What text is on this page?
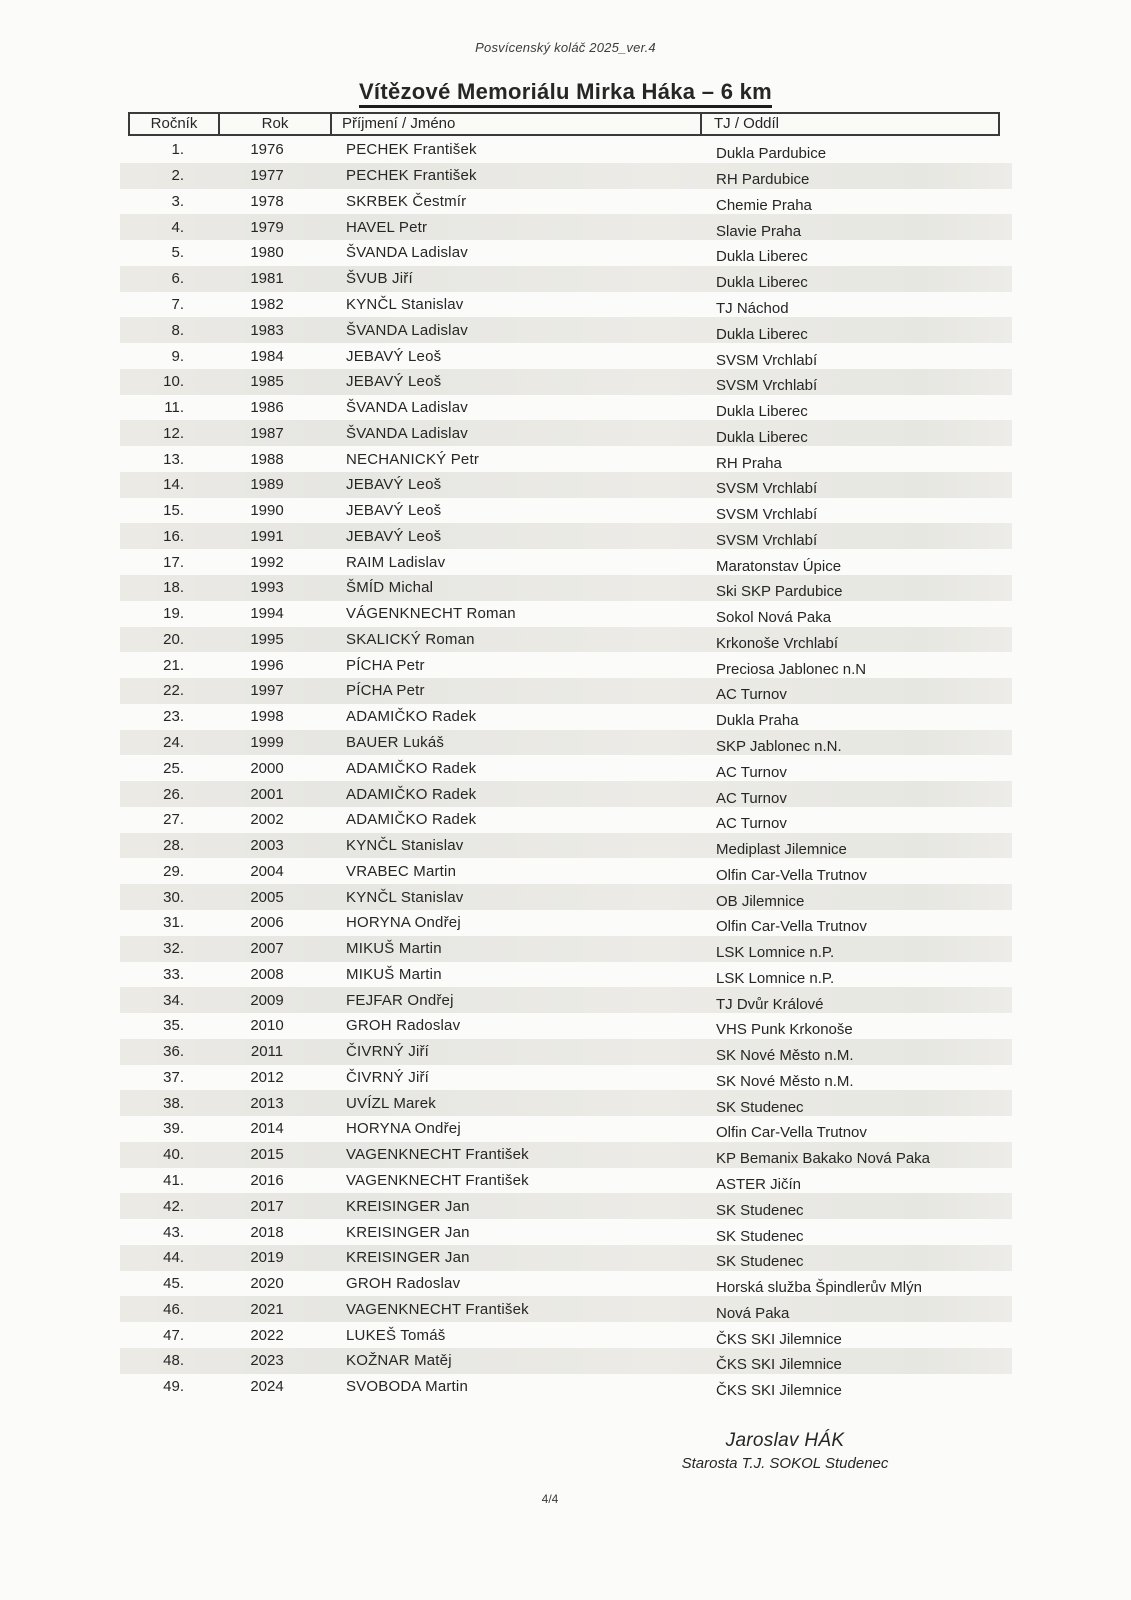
Posvícenský koláč 2025_ver.4
Vítězové Memoriálu Mirka Háka – 6 km
Ročník	Rok	Příjmení / Jméno	TJ / Oddíl
1.	1976	PECHEK František	Dukla Pardubice
2.	1977	PECHEK František	RH Pardubice
3.	1978	SKRBEK Čestmír	Chemie Praha
4.	1979	HAVEL Petr	Slavie Praha
5.	1980	ŠVANDA Ladislav	Dukla Liberec
6.	1981	ŠVUB Jiří	Dukla Liberec
7.	1982	KYNČL Stanislav	TJ Náchod
8.	1983	ŠVANDA Ladislav	Dukla Liberec
9.	1984	JEBAVÝ Leoš	SVSM Vrchlabí
10.	1985	JEBAVÝ Leoš	SVSM Vrchlabí
11.	1986	ŠVANDA Ladislav	Dukla Liberec
12.	1987	ŠVANDA Ladislav	Dukla Liberec
13.	1988	NECHANICKÝ Petr	RH Praha
14.	1989	JEBAVÝ Leoš	SVSM Vrchlabí
15.	1990	JEBAVÝ Leoš	SVSM Vrchlabí
16.	1991	JEBAVÝ Leoš	SVSM Vrchlabí
17.	1992	RAIM Ladislav	Maratonstav Úpice
18.	1993	ŠMÍD Michal	Ski SKP Pardubice
19.	1994	VÁGENKNECHT Roman	Sokol Nová Paka
20.	1995	SKALICKÝ Roman	Krkonoše Vrchlabí
21.	1996	PÍCHA Petr	Preciosa Jablonec n.N
22.	1997	PÍCHA Petr	AC Turnov
23.	1998	ADAMIČKO Radek	Dukla Praha
24.	1999	BAUER Lukáš	SKP Jablonec n.N.
25.	2000	ADAMIČKO Radek	AC Turnov
26.	2001	ADAMIČKO Radek	AC Turnov
27.	2002	ADAMIČKO Radek	AC Turnov
28.	2003	KYNČL Stanislav	Mediplast Jilemnice
29.	2004	VRABEC Martin	Olfin Car-Vella Trutnov
30.	2005	KYNČL Stanislav	OB Jilemnice
31.	2006	HORYNA Ondřej	Olfin Car-Vella Trutnov
32.	2007	MIKUŠ Martin	LSK Lomnice n.P.
33.	2008	MIKUŠ Martin	LSK Lomnice n.P.
34.	2009	FEJFAR Ondřej	TJ Dvůr Králové
35.	2010	GROH Radoslav	VHS Punk Krkonoše
36.	2011	ČIVRNÝ Jiří	SK Nové Město n.M.
37.	2012	ČIVRNÝ Jiří	SK Nové Město n.M.
38.	2013	UVÍZL Marek	SK Studenec
39.	2014	HORYNA Ondřej	Olfin Car-Vella Trutnov
40.	2015	VAGENKNECHT František	KP Bemanix Bakako Nová Paka
41.	2016	VAGENKNECHT František	ASTER Jičín
42.	2017	KREISINGER Jan	SK Studenec
43.	2018	KREISINGER Jan	SK Studenec
44.	2019	KREISINGER Jan	SK Studenec
45.	2020	GROH Radoslav	Horská služba Špindlerův Mlýn
46.	2021	VAGENKNECHT František	Nová Paka
47.	2022	LUKEŠ Tomáš	ČKS SKI Jilemnice
48.	2023	KOŽNAR Matěj	ČKS SKI Jilemnice
49.	2024	SVOBODA Martin	ČKS SKI Jilemnice
Jaroslav HÁK
Starosta T.J. SOKOL Studenec
4/4
